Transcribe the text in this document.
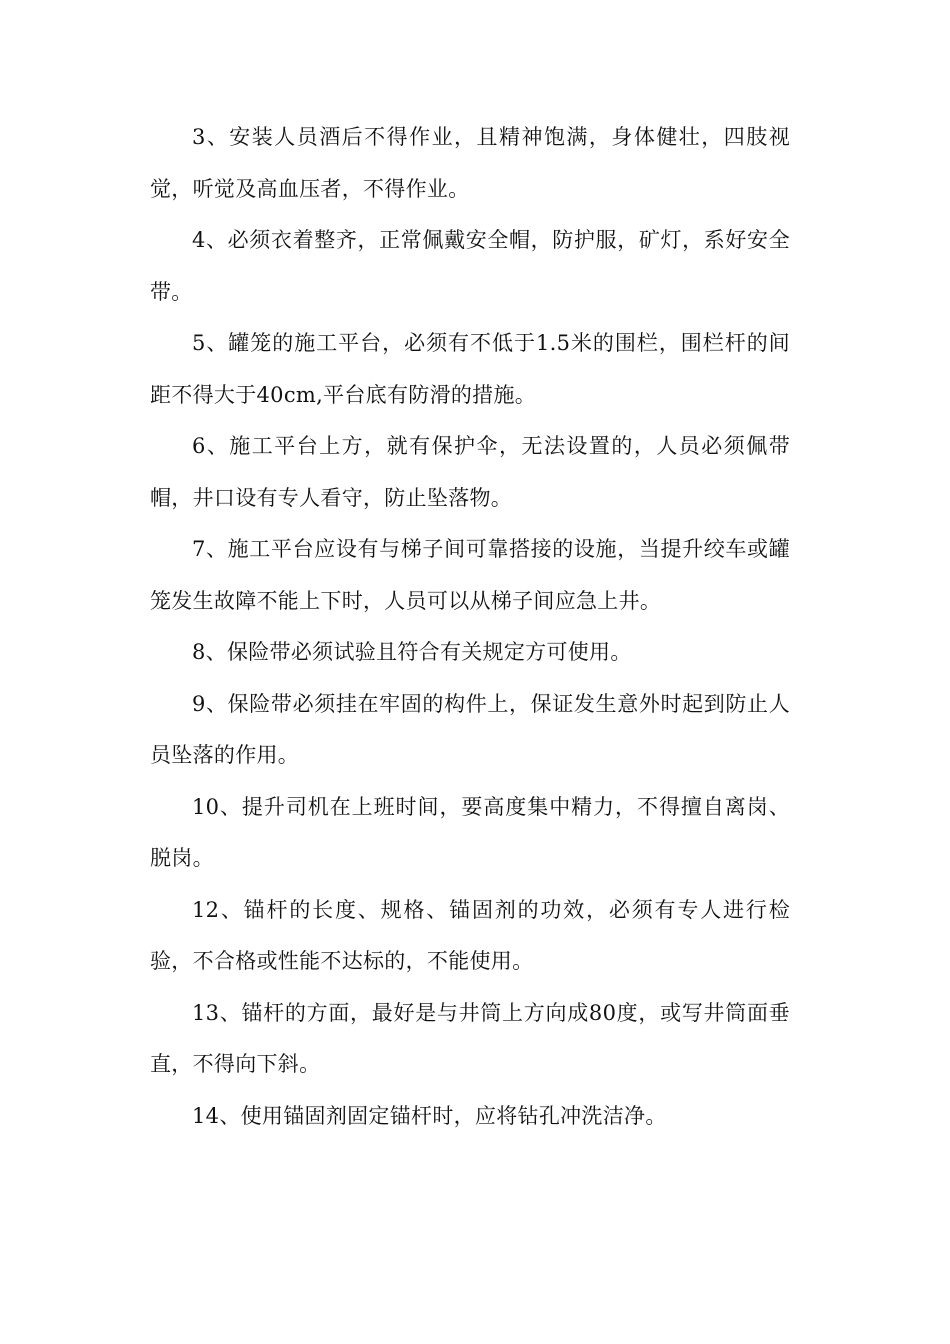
3、安装人员酒后不得作业，且精神饱满，身体健壮，四肢视觉，听觉及高血压者，不得作业。

4、必须衣着整齐，正常佩戴安全帽，防护服，矿灯，系好安全带。

5、罐笼的施工平台，必须有不低于1.5米的围栏，围栏杆的间距不得大于40cm,平台底有防滑的措施。

6、施工平台上方，就有保护伞，无法设置的，人员必须佩带帽，井口设有专人看守，防止坠落物。

7、施工平台应设有与梯子间可靠搭接的设施，当提升绞车或罐笼发生故障不能上下时，人员可以从梯子间应急上井。

8、保险带必须试验且符合有关规定方可使用。

9、保险带必须挂在牢固的构件上，保证发生意外时起到防止人员坠落的作用。

10、提升司机在上班时间，要高度集中精力，不得擅自离岗、脱岗。

12、锚杆的长度、规格、锚固剂的功效，必须有专人进行检验，不合格或性能不达标的，不能使用。

13、锚杆的方面，最好是与井筒上方向成80度，或写井筒面垂直，不得向下斜。

14、使用锚固剂固定锚杆时，应将钻孔冲洗洁净。
